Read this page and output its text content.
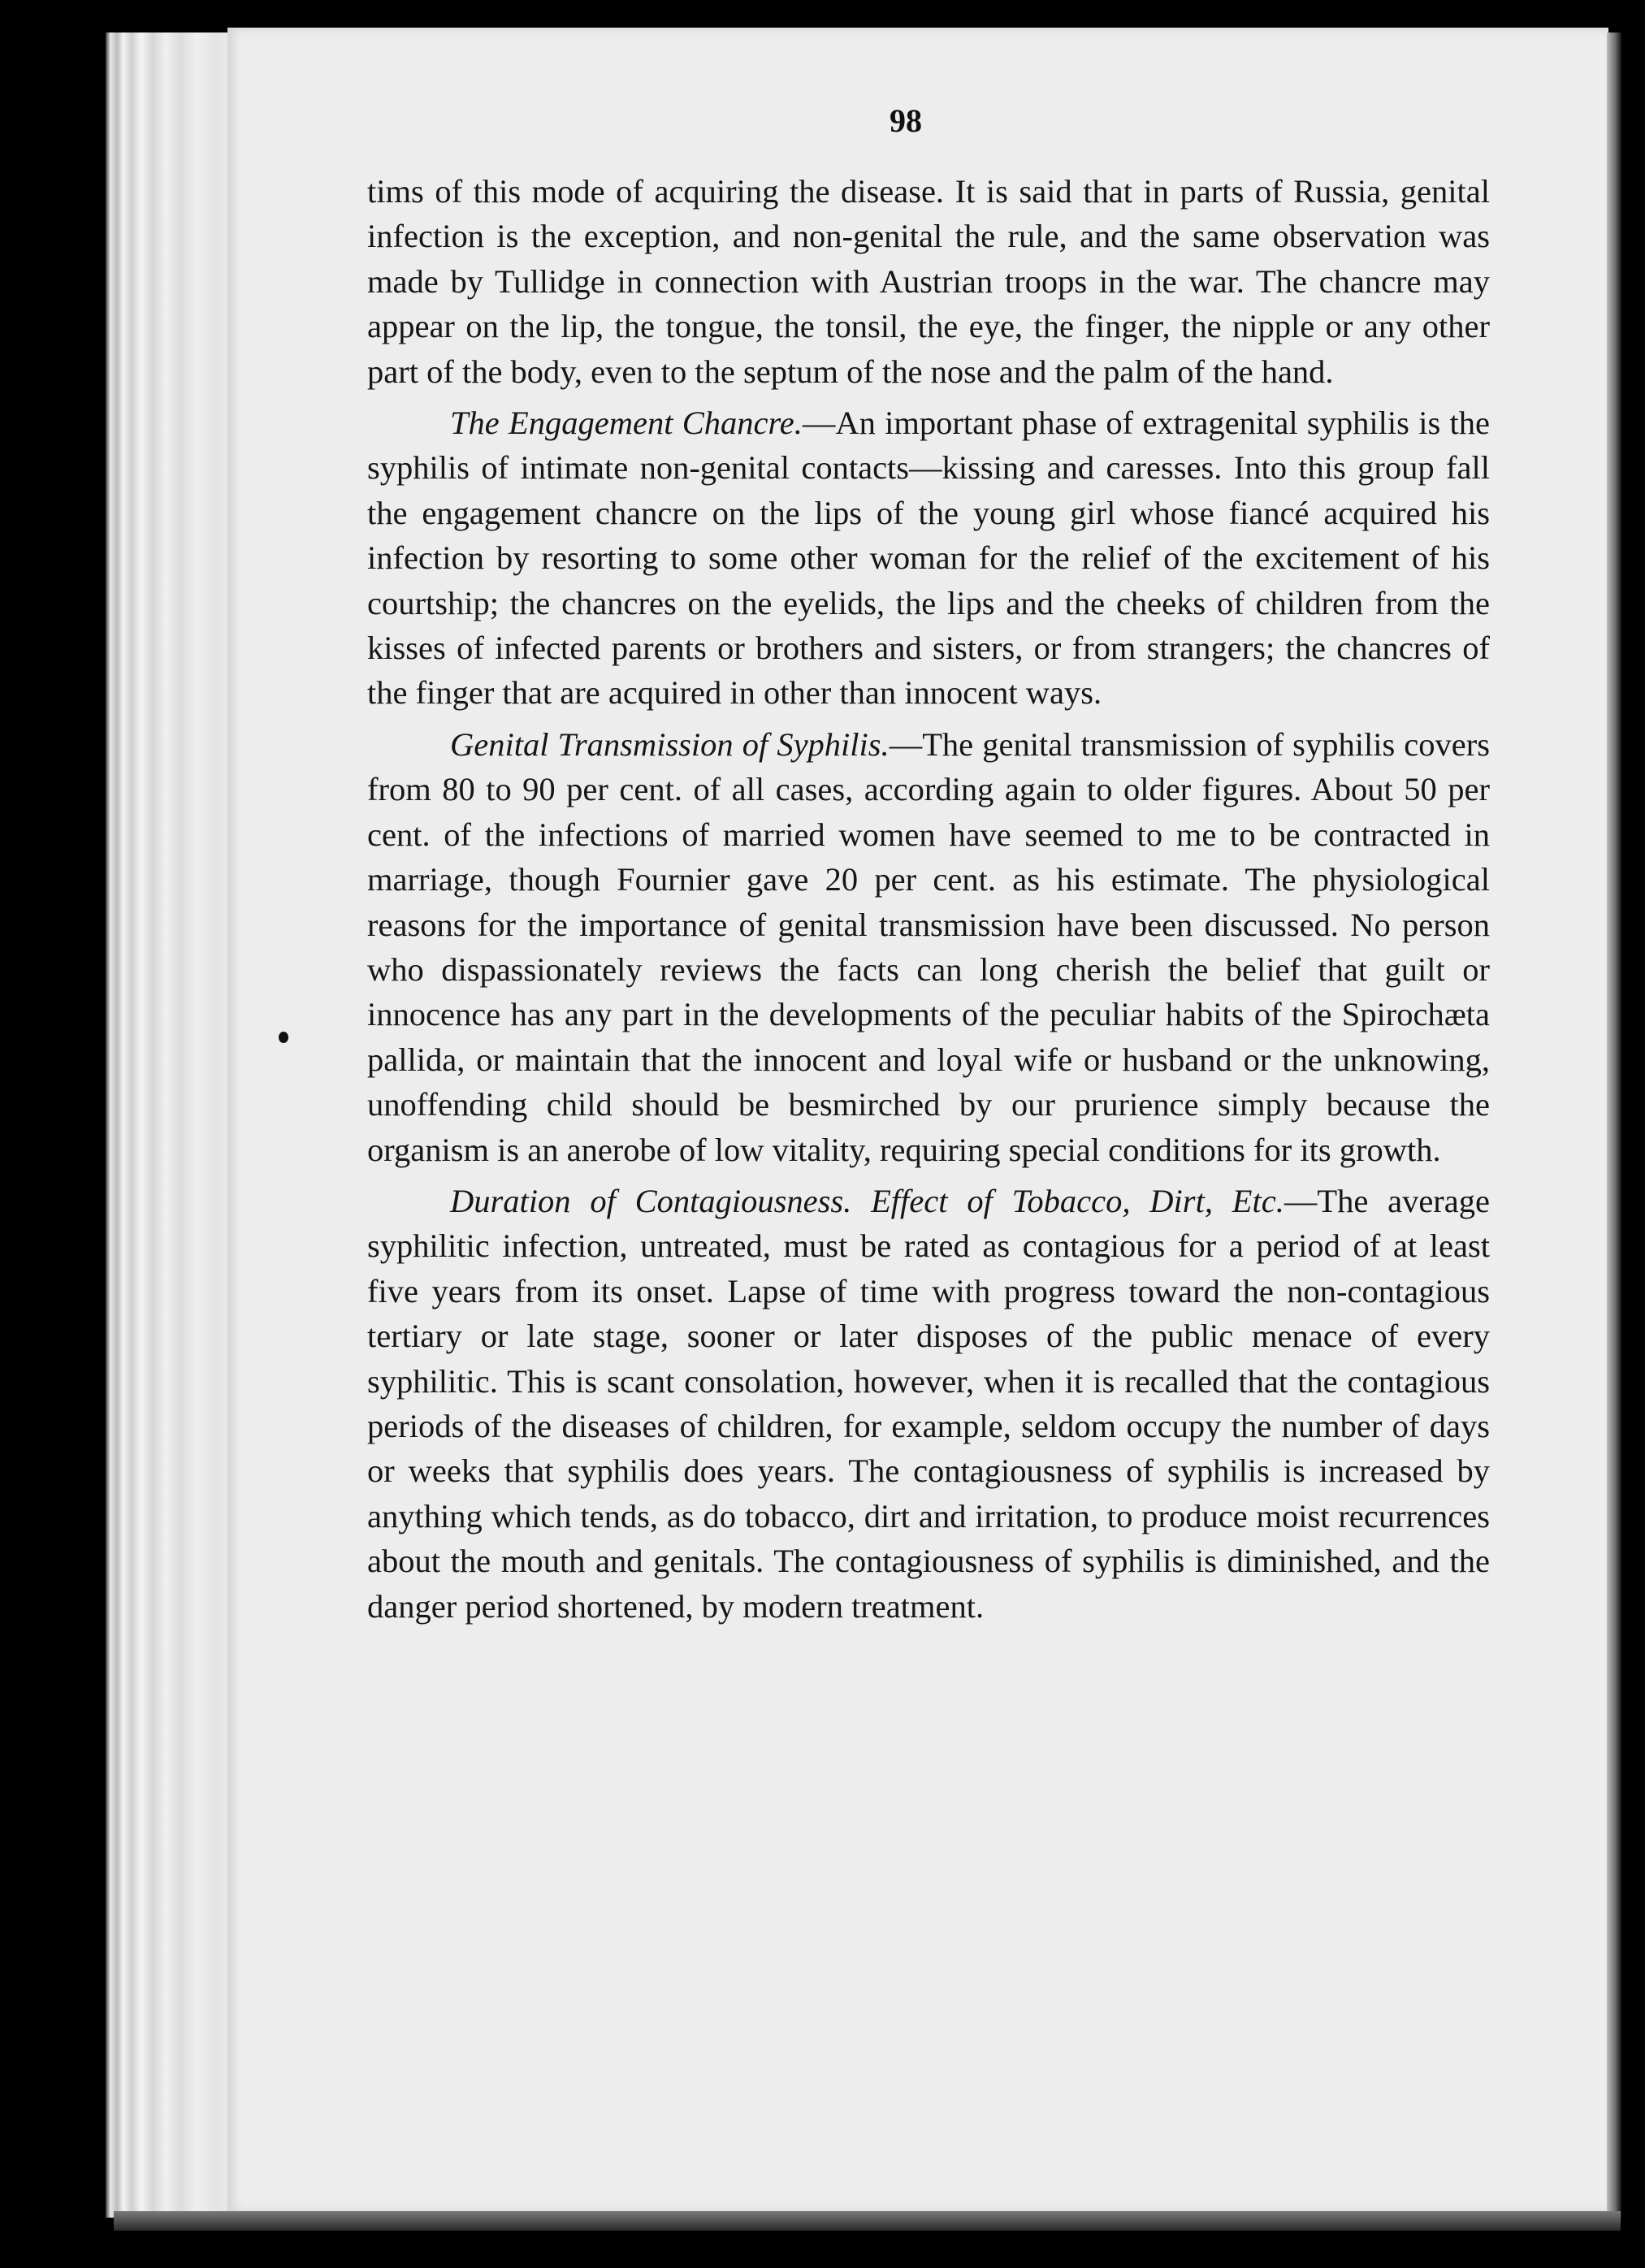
98

tims of this mode of acquiring the disease. It is said that in parts of Russia, genital infection is the exception, and non-genital the rule, and the same observation was made by Tullidge in connection with Austrian troops in the war. The chancre may appear on the lip, the tongue, the tonsil, the eye, the finger, the nipple or any other part of the body, even to the septum of the nose and the palm of the hand.

The Engagement Chancre.—An important phase of extragenital syphilis is the syphilis of intimate non-genital contacts—kissing and caresses. Into this group fall the engagement chancre on the lips of the young girl whose fiancé acquired his infection by resorting to some other woman for the relief of the excitement of his courtship; the chancres on the eyelids, the lips and the cheeks of children from the kisses of infected parents or brothers and sisters, or from strangers; the chancres of the finger that are acquired in other than innocent ways.

Genital Transmission of Syphilis.—The genital transmission of syphilis covers from 80 to 90 per cent. of all cases, according again to older figures. About 50 per cent. of the infections of married women have seemed to me to be contracted in marriage, though Fournier gave 20 per cent. as his estimate. The physiological reasons for the importance of genital transmission have been discussed. No person who dispassionately reviews the facts can long cherish the belief that guilt or innocence has any part in the developments of the peculiar habits of the Spirochæta pallida, or maintain that the innocent and loyal wife or husband or the unknowing, unoffending child should be besmirched by our prurience simply because the organism is an anerobe of low vitality, requiring special conditions for its growth.

Duration of Contagiousness. Effect of Tobacco, Dirt, Etc.—The average syphilitic infection, untreated, must be rated as contagious for a period of at least five years from its onset. Lapse of time with progress toward the non-contagious tertiary or late stage, sooner or later disposes of the public menace of every syphilitic. This is scant consolation, however, when it is recalled that the contagious periods of the diseases of children, for example, seldom occupy the number of days or weeks that syphilis does years. The contagiousness of syphilis is increased by anything which tends, as do tobacco, dirt and irritation, to produce moist recurrences about the mouth and genitals. The contagiousness of syphilis is diminished, and the danger period shortened, by modern treatment.
